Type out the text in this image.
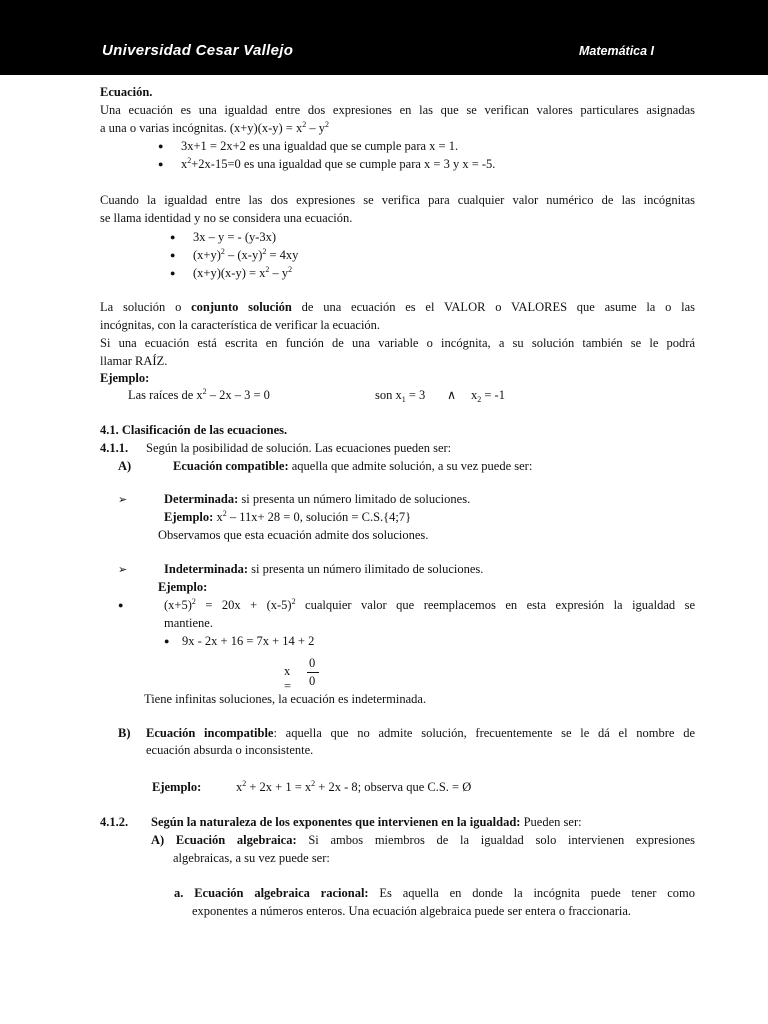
Universidad Cesar Vallejo	Matemática I
Ecuación.
Una ecuación es una igualdad entre dos expresiones en las que se verifican valores particulares asignadas
a una o varias incógnitas. $(x+y)(x-y) = x^2 - y^2$
● 3x+1 = 2x+2 es una igualdad que se cumple para x = 1.
● $x^2+2x-15=0$ es una igualdad que se cumple para x = 3 y x = -5.
Cuando la igualdad entre las dos expresiones se verifica para cualquier valor numérico de las incógnitas
se llama identidad y no se considera una ecuación.
● 3x – y = - (y-3x)
● $(x+y)^2 - (x-y)^2 = 4xy$
● $(x+y)(x-y) = x^2 - y^2$
La solución o conjunto solución de una ecuación es el VALOR o VALORES que asume la o las
incógnitas, con la característica de verificar la ecuación.
Si una ecuación está escrita en función de una variable o incógnita, a su solución también se le podrá
llamar RAÍZ.
Ejemplo:
Las raíces de $x^2 - 2x - 3 = 0$	son $x_1 = 3$ ∧ $x_2 = -1$
4.1. Clasificación de las ecuaciones.
4.1.1. Según la posibilidad de solución. Las ecuaciones pueden ser:
A)	Ecuación compatible: aquella que admite solución, a su vez puede ser:
➢	Determinada: si presenta un número limitado de soluciones.
Ejemplo: $x^2 - 11x+ 28 = 0$, solución = C.S.{4;7}
Observamos que esta ecuación admite dos soluciones.
➢	Indeterminada: si presenta un número ilimitado de soluciones.
Ejemplo:
●	$(x+5)^2 = 20x + (x-5)^2$ cualquier valor que reemplacemos en esta expresión la igualdad se
mantiene.
● 9x - 2x + 16 = 7x + 14 + 2
x =
0
0
Tiene infinitas soluciones, la ecuación es indeterminada.
B) Ecuación incompatible: aquella que no admite solución, frecuentemente se le dá el nombre de
ecuación absurda o inconsistente.
Ejemplo:	$x^2 + 2x + 1 = x^2 + 2x - 8$; observa que C.S. = Ø
4.1.2. Según la naturaleza de los exponentes que intervienen en la igualdad: Pueden ser:
A) Ecuación algebraica: Si ambos miembros de la igualdad solo intervienen expresiones
algebraicas, a su vez puede ser:
a. Ecuación algebraica racional: Es aquella en donde la incógnita puede tener como
exponentes a números enteros. Una ecuación algebraica puede ser entera o fraccionaria.
